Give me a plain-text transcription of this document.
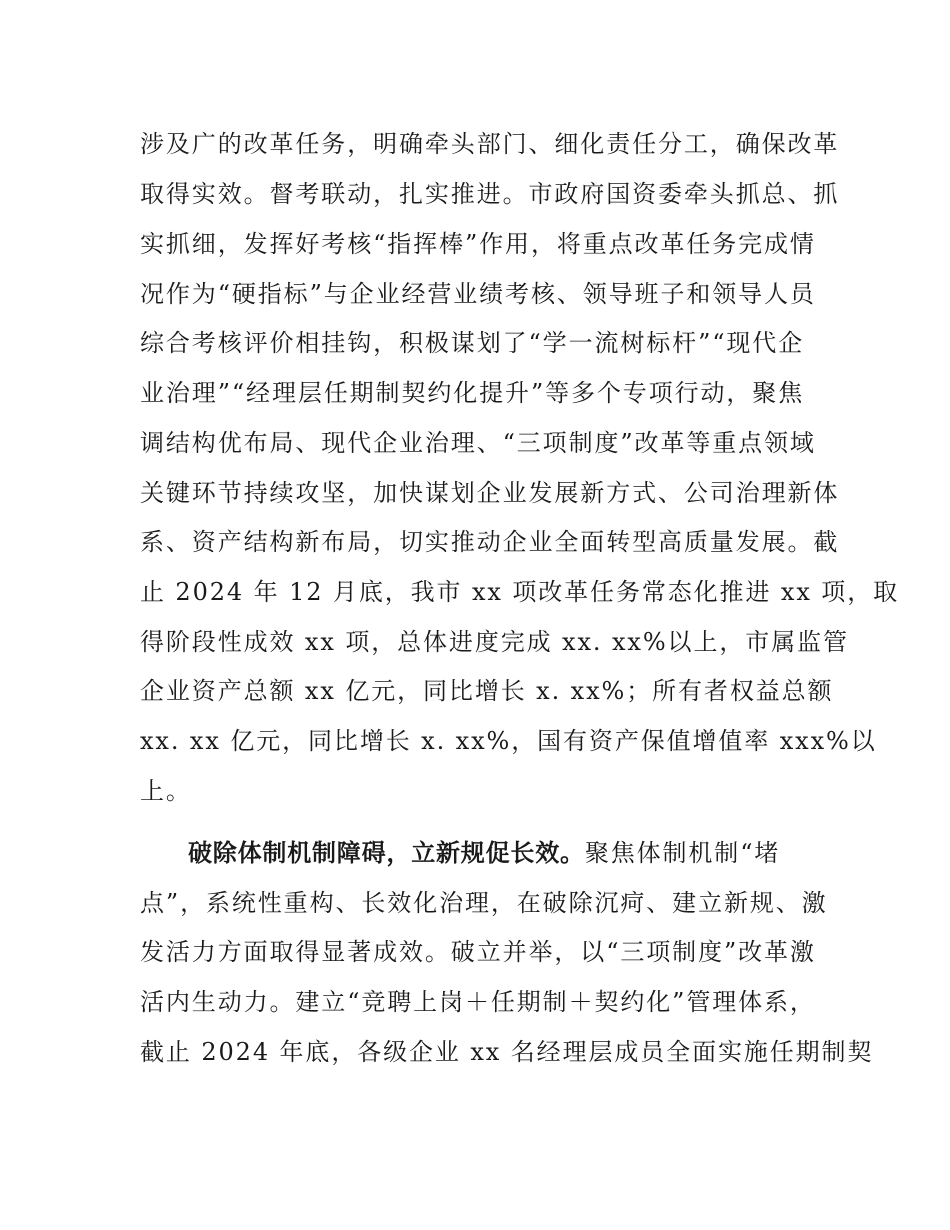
涉及广的改革任务，明确牵头部门、细化责任分工，确保改革
取得实效。督考联动，扎实推进。市政府国资委牵头抓总、抓
实抓细，发挥好考核“指挥棒”作用，将重点改革任务完成情
况作为“硬指标”与企业经营业绩考核、领导班子和领导人员
综合考核评价相挂钩，积极谋划了“学一流树标杆”“现代企
业治理”“经理层任期制契约化提升”等多个专项行动，聚焦
调结构优布局、现代企业治理、“三项制度”改革等重点领域
关键环节持续攻坚，加快谋划企业发展新方式、公司治理新体
系、资产结构新布局，切实推动企业全面转型高质量发展。截
止 2024 年 12 月底，我市 xx 项改革任务常态化推进 xx 项，取
得阶段性成效 xx 项，总体进度完成 xx. xx%以上，市属监管
企业资产总额 xx 亿元，同比增长 x. xx%；所有者权益总额
xx. xx 亿元，同比增长 x. xx%，国有资产保值增值率 xxx%以
上。
破除体制机制障碍，立新规促长效。聚焦体制机制“堵
点”，系统性重构、长效化治理，在破除沉疴、建立新规、激
发活力方面取得显著成效。破立并举，以“三项制度”改革激
活内生动力。建立“竞聘上岗＋任期制＋契约化”管理体系，
截止 2024 年底，各级企业 xx 名经理层成员全面实施任期制契
